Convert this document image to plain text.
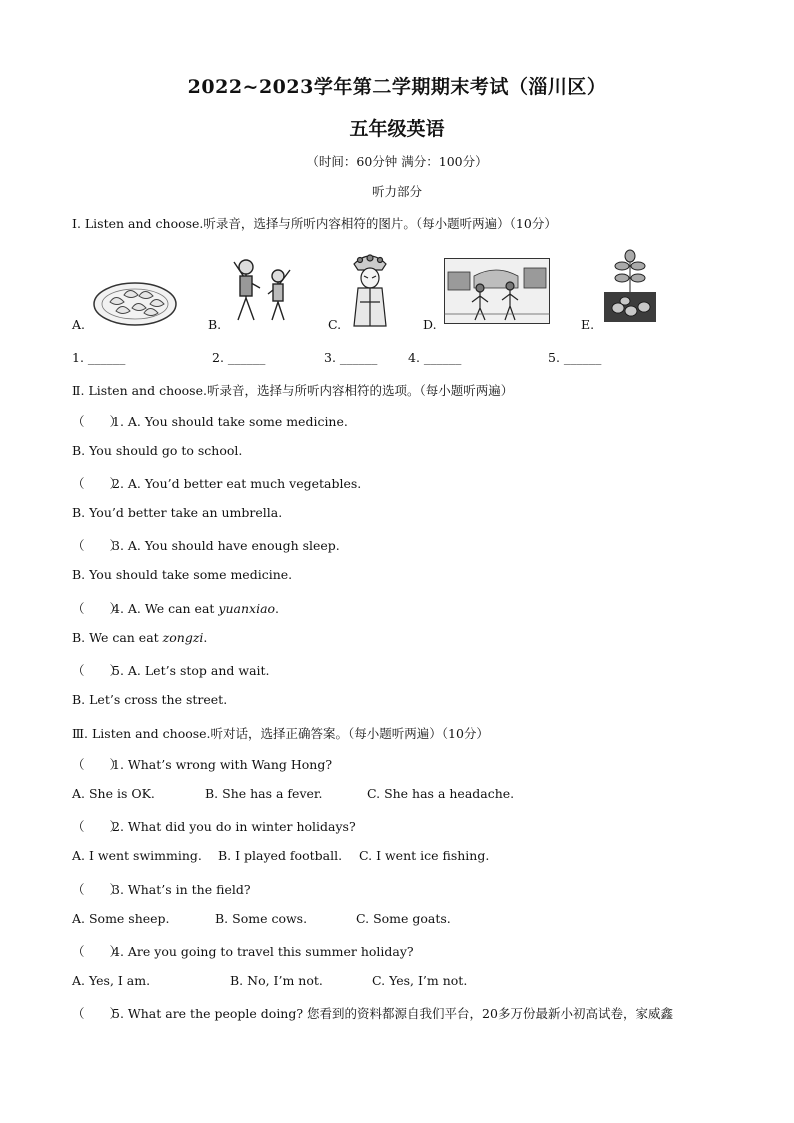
2022~2023学年第二学期期末考试（淄川区）
五年级英语
（时间：60分钟 满分：100分）
听力部分
Ⅰ. Listen and choose.听录音，选择与所听内容相符的图片。（每小题听两遍）（10分）
A.	B.	C.	D.	E.
1. ______	2. ______	3. ______ 4. ______	5. ______
Ⅱ. Listen and choose.听录音，选择与所听内容相符的选项。（每小题听两遍）
（　　）1. A. You should take some medicine.
B. You should go to school.
（　　）2. A. You’d better eat much vegetables.
B. You’d better take an umbrella.
（　　）3. A. You should have enough sleep.
B. You should take some medicine.
（　　）4. A. We can eat yuanxiao.
B. We can eat zongzi.
（　　）5. A. Let’s stop and wait.
B. Let’s cross the street.
Ⅲ. Listen and choose.听对话，选择正确答案。（每小题听两遍）（10分）
（　　）1. What’s wrong with Wang Hong?
A. She is OK.	B. She has a fever.	C. She has a headache.
（　　）2. What did you do in winter holidays?
A. I went swimming. B. I played football. C. I went ice fishing.
（　　）3. What’s in the field?
A. Some sheep.	B. Some cows.	C. Some goats.
（　　）4. Are you going to travel this summer holiday?
A. Yes, I am.	B. No, I’m not.	C. Yes, I’m not.
（　　）5. What are the people doing? 您看到的资料都源自我们平台，20多万份最新小初高试卷，家威鑫
